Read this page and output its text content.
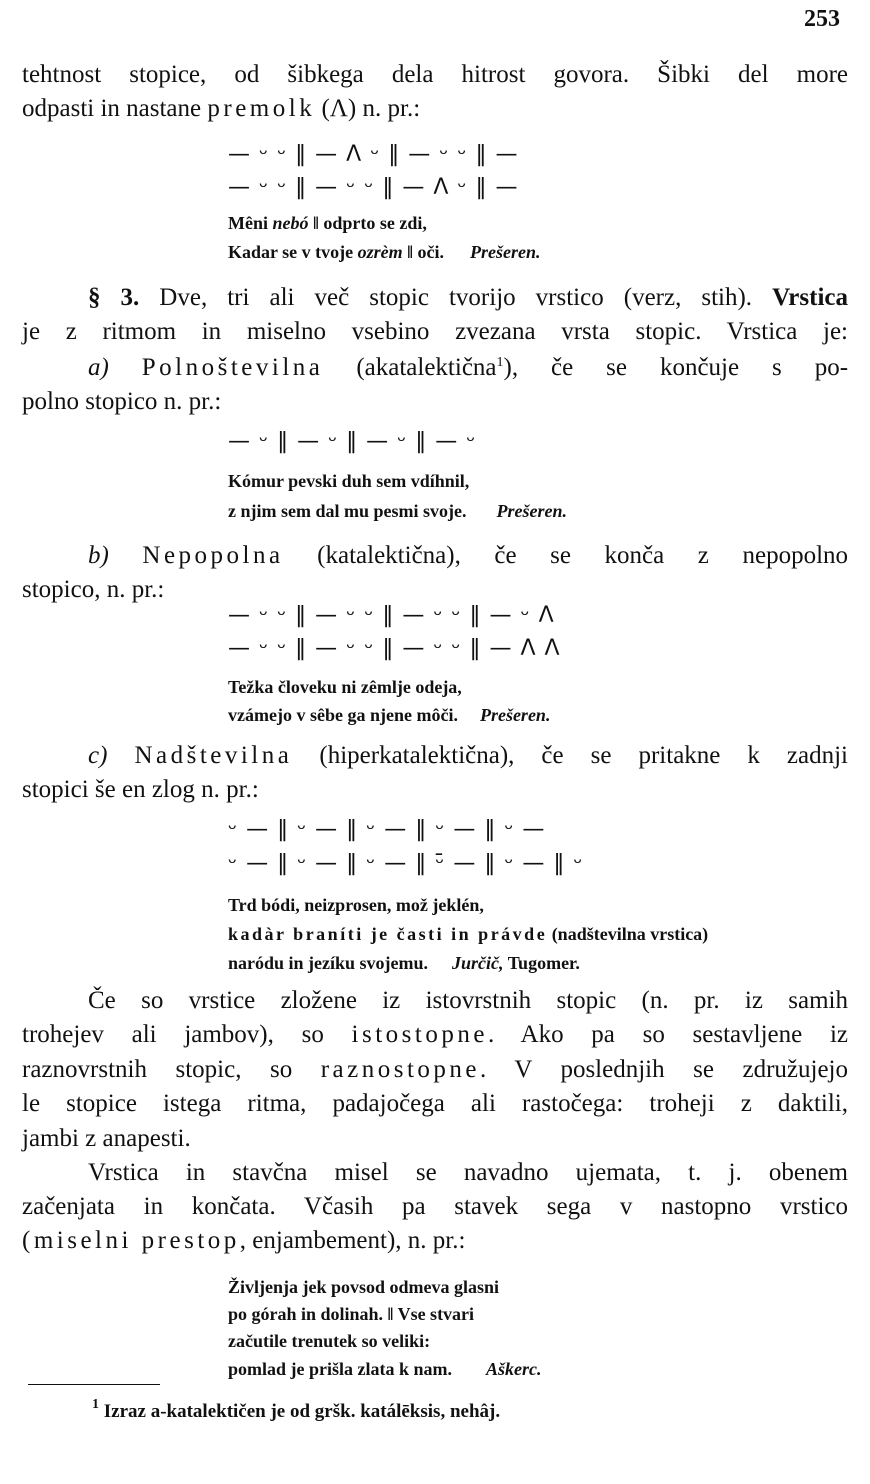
253
tehtnost stopice, od šibkega dela hitrost govora. Šibki del more
odpasti in nastane premolk (Λ) n. pr.:
— ᵕ ᵕ ‖ — Λ ᵕ ‖ — ᵕ ᵕ ‖ —
— ᵕ ᵕ ‖ — ᵕ ᵕ ‖ — Λ ᵕ ‖ —
Mêni nebó ‖ odprto se zdi,
Kadar se v tvoje ozrèm ‖ oči. Prešeren.
§ 3. Dve, tri ali več stopic tvorijo vrstico (verz, stih). Vrstica
je z ritmom in miselno vsebino zvezana vrsta stopic. Vrstica je:
a) Polnoštevilna (akatalektična$^1$), če se končuje s po-
polno stopico n. pr.:
— ᵕ ‖ — ᵕ ‖ — ᵕ ‖ — ᵕ
Kómur pevski duh sem vdíhnil,
z njim sem dal mu pesmi svoje. Prešeren.
b) Nepopolna (katalektična), če se konča z nepopolno
stopico, n. pr.:
— ᵕ ᵕ ‖ — ᵕ ᵕ ‖ — ᵕ ᵕ ‖ — ᵕ Λ
— ᵕ ᵕ ‖ — ᵕ ᵕ ‖ — ᵕ ᵕ ‖ — Λ Λ
Težka človeku ni zêmlje odeja,
vzámejo v sêbe ga njene môči. Prešeren.
c) Nadštevilna (hiperkatalektična), če se pritakne k zadnji
stopici še en zlog n. pr.:
ᵕ — ‖ ᵕ — ‖ ᵕ — ‖ ᵕ — ‖ ᵕ —
ᵕ — ‖ ᵕ — ‖ ᵕ — ‖ ᵕ̄ — ‖ ᵕ — ‖ ᵕ
Trd bódi, neizprosen, mož jeklén,
kadàr braníti je časti in právde (nadštevilna vrstica)
naródu in jezíku svojemu. Jurčič, Tugomer.
Če so vrstice zložene iz istovrstnih stopic (n. pr. iz samih
trohejev ali jambov), so istostopne. Ako pa so sestavljene iz
raznovrstnih stopic, so raznostopne. V poslednjih se združujejo
le stopice istega ritma, padajočega ali rastočega: troheji z daktili,
jambi z anapesti.
Vrstica in stavčna misel se navadno ujemata, t. j. obenem
začenjata in končata. Včasih pa stavek sega v nastopno vrstico
(miselni prestop, enjambement), n. pr.:
Življenja jek povsod odmeva glasni
po górah in dolinah. ‖ Vse stvari
začutile trenutek so veliki:
pomlad je prišla zlata k nam. Aškerc.
$^1$ Izraz a-katalektičen je od gršk. katálēksis, nehâj.
